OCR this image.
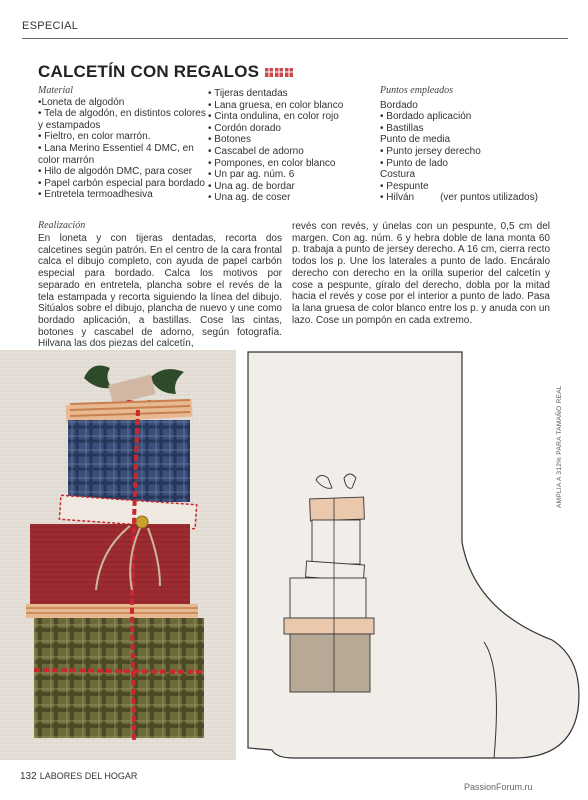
ESPECIAL
CALCETÍN CON REGALOS
Material
•Loneta de algodón
• Tela de algodón, en distintos colores
y estampados
• Fieltro, en color marrón.
• Lana Merino Essentiel 4 DMC, en
color marrón
• Hilo de algodón DMC, para coser
• Papel carbón especial para bordado
• Entretela termoadhesiva
• Tijeras dentadas
• Lana gruesa, en color blanco
• Cinta ondulina, en color rojo
• Cordón dorado
• Botones
• Cascabel de adorno
• Pompones, en color blanco
• Un par ag. núm. 6
• Una ag. de bordar
• Una ag. de coser
Puntos empleados
Bordado
• Bordado aplicación
• Bastillas
Punto de media
• Punto jersey derecho
• Punto de lado
Costura
• Pespunte
• Hilván	(ver puntos utilizados)
Realización
En loneta y con tijeras dentadas, recorta dos calcetines según patrón. En el centro de la cara frontal calca el dibujo completo, con ayuda de papel carbón especial para bordado. Calca los motivos por separado en entretela, plancha sobre el revés de la tela estampada y recorta siguiendo la línea del dibujo. Sitúalos sobre el dibujo, plancha de nuevo y une como bordado aplicación, a bastillas. Cose las cintas, botones y cascabel de adorno, según fotografía. Hilvana las dos piezas del calcetín,
revés con revés, y únelas con un pespunte, 0,5 cm del margen. Con ag. núm. 6 y hebra doble de lana monta 60 p. trabaja a punto de jersey derecho. A 16 cm, cierra recto todos los p. Une los laterales a punto de lado. Encáralo derecho con derecho en la orilla superior del calcetín y cose a pespunte, gíralo del derecho, dobla por la mitad hacia el revés y cose por el interior a punto de lado. Pasa la lana gruesa de color blanco entre los p. y anuda con un lazo. Cose un pompón en cada extremo.
AMPLIA A 312% PARA TAMAÑO REAL
132 LABORES DEL HOGAR
PassionForum.ru
